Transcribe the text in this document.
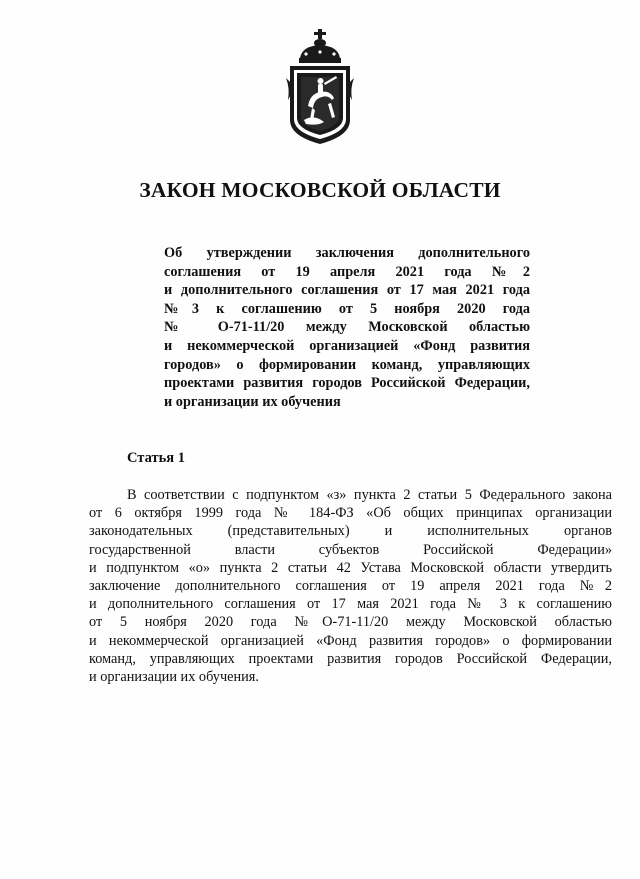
ЗАКОН МОСКОВСКОЙ ОБЛАСТИ
Об утверждении заключения дополнительного
соглашения от 19 апреля 2021 года №2
и дополнительного соглашения от 17 мая 2021 года
№3 к соглашению от 5 ноября 2020 года
№ О-71-11/20 между Московской областью
и некоммерческой организацией «Фонд развития
городов» о формировании команд, управляющих
проектами развития городов Российской Федерации,
и организации их обучения
Статья 1
В соответствии с подпунктом «з» пункта 2 статьи 5 Федерального закона
от 6 октября 1999 года № 184-ФЗ «Об общих принципах организации
законодательных (представительных) и исполнительных органов
государственной власти субъектов Российской Федерации»
и подпунктом «о» пункта 2 статьи 42 Устава Московской области утвердить
заключение дополнительного соглашения от 19 апреля 2021 года №2
и дополнительного соглашения от 17 мая 2021 года № 3 к соглашению
от 5 ноября 2020 года №О-71-11/20 между Московской областью
и некоммерческой организацией «Фонд развития городов» о формировании
команд, управляющих проектами развития городов Российской Федерации,
и организации их обучения.
